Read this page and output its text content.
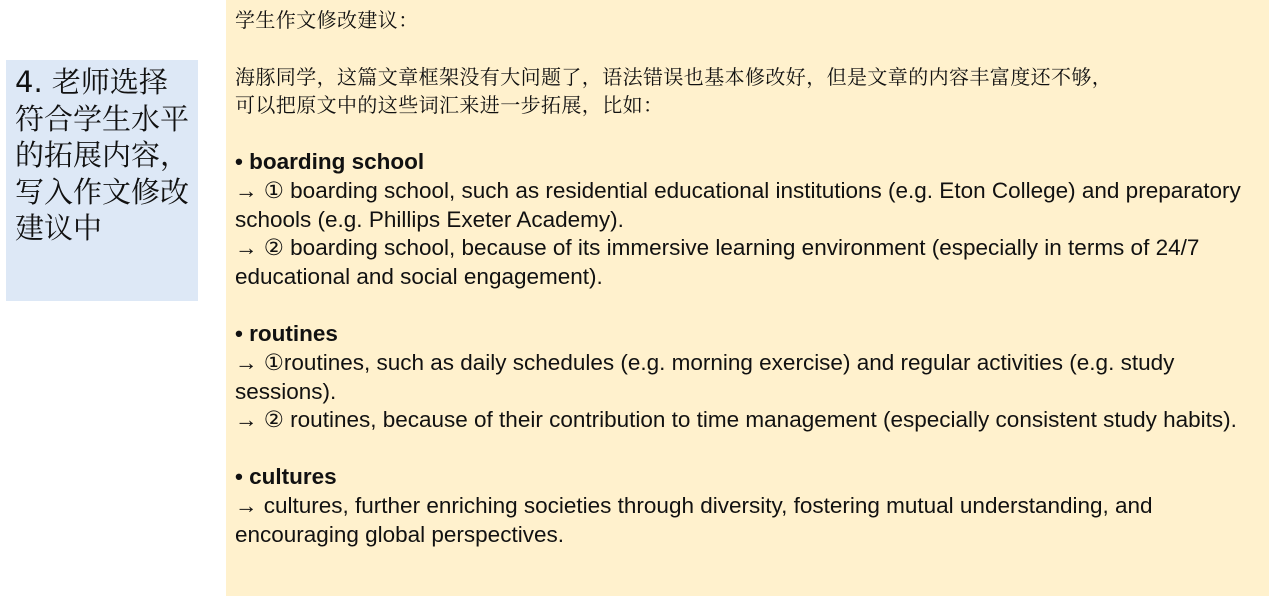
4. 老师选择符合学生水平的拓展内容，写入作文修改建议中
学生作文修改建议：
海豚同学，这篇文章框架没有大问题了，语法错误也基本修改好，但是文章的内容丰富度还不够，
可以把原文中的这些词汇来进一步拓展，比如：
• boarding school
→ ① boarding school, such as residential educational institutions (e.g. Eton College) and preparatory schools (e.g. Phillips Exeter Academy).
→ ② boarding school, because of its immersive learning environment (especially in terms of 24/7 educational and social engagement).
• routines
→ ①routines, such as daily schedules (e.g. morning exercise) and regular activities (e.g. study sessions).
→ ② routines, because of their contribution to time management (especially consistent study habits).
• cultures
→ cultures, further enriching societies through diversity, fostering mutual understanding, and encouraging global perspectives.
